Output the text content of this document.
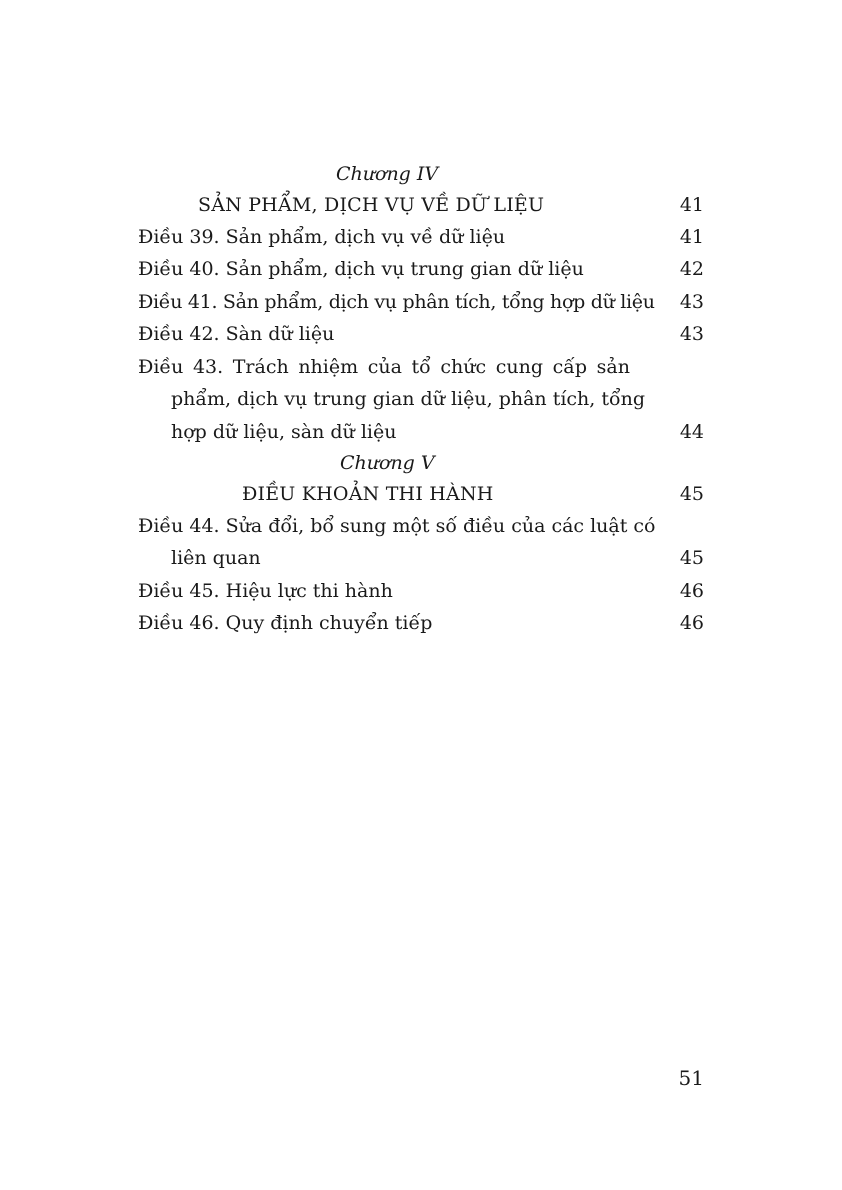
Chương IV
SẢN PHẨM, DỊCH VỤ VỀ DỮ LIỆU	41
Điều 39. Sản phẩm, dịch vụ về dữ liệu	41
Điều 40. Sản phẩm, dịch vụ trung gian dữ liệu	42
Điều 41. Sản phẩm, dịch vụ phân tích, tổng hợp dữ liệu	43
Điều 42. Sàn dữ liệu	43
Điều 43. Trách nhiệm của tổ chức cung cấp sản
phẩm, dịch vụ trung gian dữ liệu, phân tích, tổng
hợp dữ liệu, sàn dữ liệu	44
Chương V
ĐIỀU KHOẢN THI HÀNH	45
Điều 44. Sửa đổi, bổ sung một số điều của các luật có
liên quan	45
Điều 45. Hiệu lực thi hành	46
Điều 46. Quy định chuyển tiếp	46
51
